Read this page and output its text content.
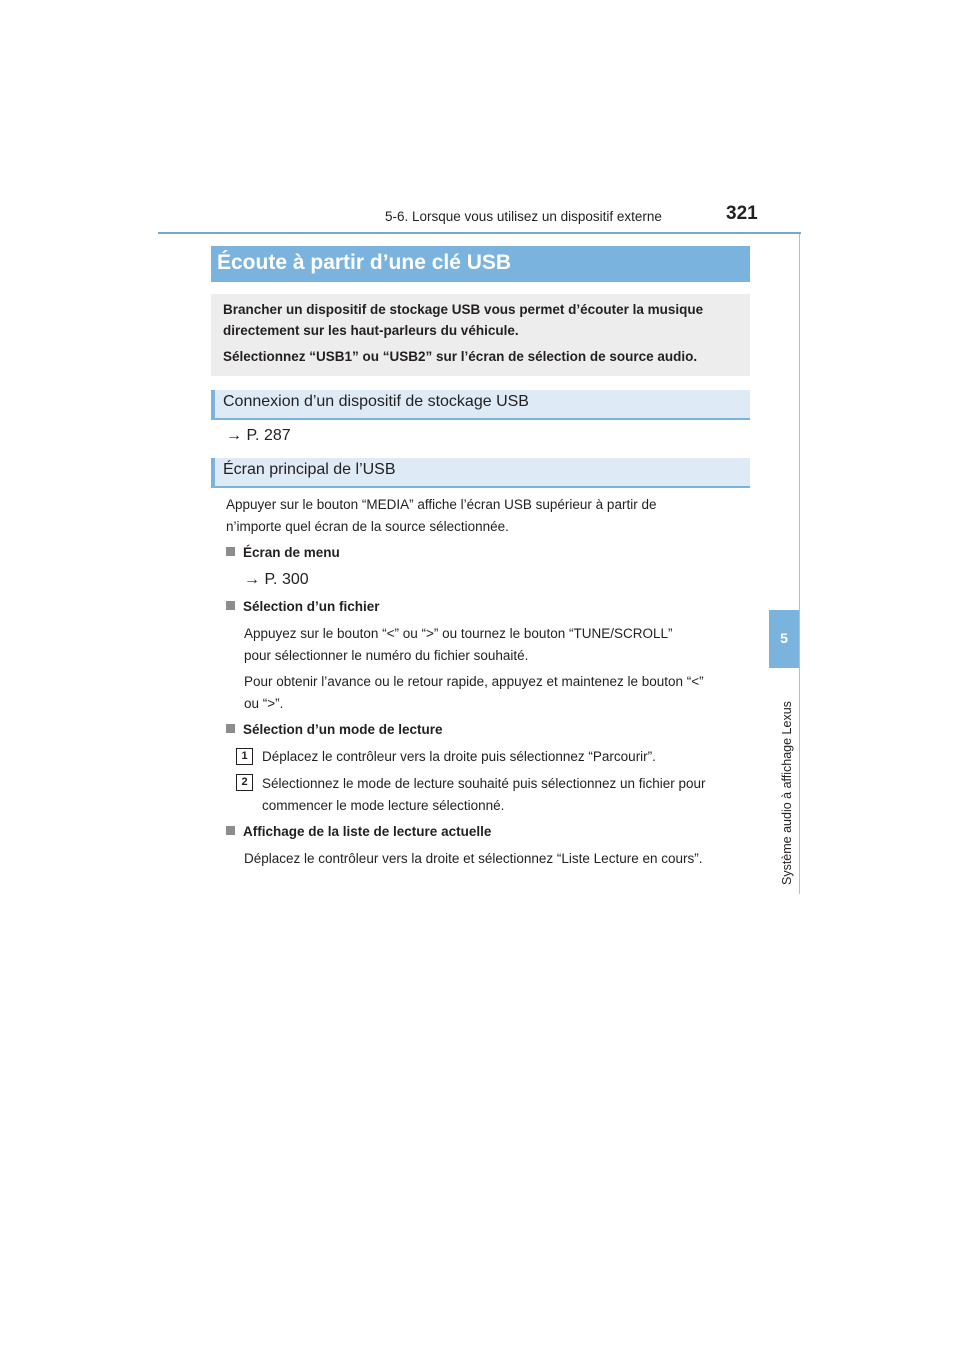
5-6. Lorsque vous utilisez un dispositif externe	321
5
Système audio à affichage Lexus
Écoute à partir d’une clé USB

Brancher un dispositif de stockage USB vous permet d’écouter la musique

directement sur les haut-parleurs du véhicule.

Sélectionnez “USB1” ou “USB2” sur l’écran de sélection de source audio.

Connexion d’un dispositif de stockage USB
→ P. 287
Écran principal de l’USB
Appuyer sur le bouton “MEDIA” affiche l’écran USB supérieur à partir de
n’importe quel écran de la source sélectionnée.
Écran de menu
→ P. 300
Sélection d’un fichier
Appuyez sur le bouton “<” ou “>” ou tournez le bouton “TUNE/SCROLL”
pour sélectionner le numéro du fichier souhaité.
Pour obtenir l’avance ou le retour rapide, appuyez et maintenez le bouton “<”
ou “>”.
Sélection d’un mode de lecture
1	Déplacez le contrôleur vers la droite puis sélectionnez “Parcourir”.
2	Sélectionnez le mode de lecture souhaité puis sélectionnez un fichier pour
commencer le mode lecture sélectionné.
Affichage de la liste de lecture actuelle
Déplacez le contrôleur vers la droite et sélectionnez “Liste Lecture en cours”.
